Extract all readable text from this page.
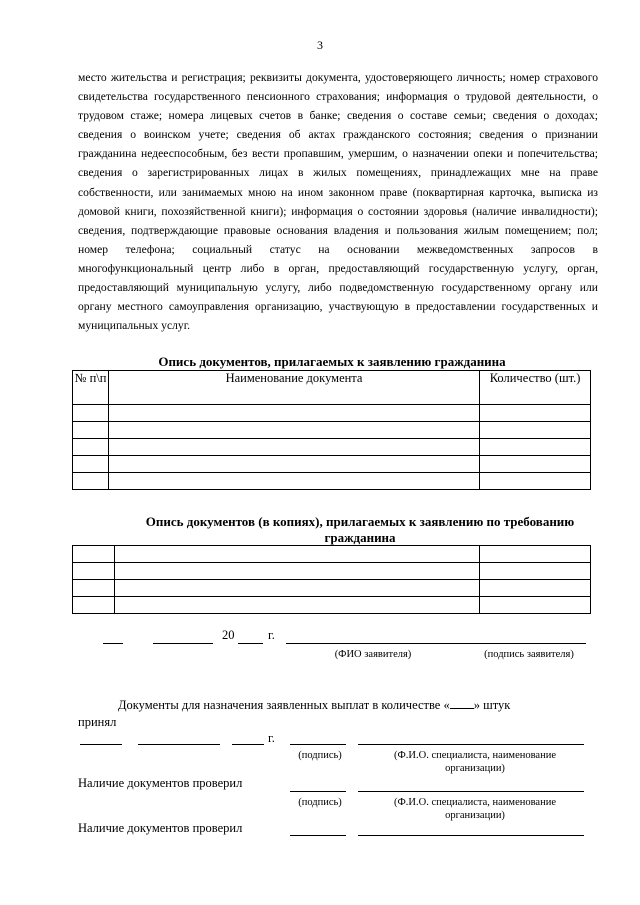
3
место жительства и регистрация; реквизиты документа, удостоверяющего личность; номер страхового свидетельства государственного пенсионного страхования; информация о трудовой деятельности, о трудовом стаже; номера лицевых счетов в банке; сведения о составе семьи; сведения о доходах; сведения о воинском учете; сведения об актах гражданского состояния; сведения о признании гражданина недееспособным, без вести пропавшим, умершим, о назначении опеки и попечительства; сведения о зарегистрированных лицах в жилых помещениях, принадлежащих мне на праве собственности, или занимаемых мною на ином законном праве (поквартирная карточка, выписка из домовой книги, похозяйственной книги); информация о состоянии здоровья (наличие инвалидности); сведения, подтверждающие правовые основания владения и пользования жилым помещением; пол; номер телефона; социальный статус на основании межведомственных запросов в многофункциональный центр либо в орган, предоставляющий государственную услугу, орган, предоставляющий муниципальную услугу, либо подведомственную государственному органу или органу местного самоуправления организацию, участвующую в предоставлении государственных и муниципальных услуг.
Опись документов, прилагаемых к заявлению гражданина
№ п\п	Наименование документа	Количество (шт.)

Опись документов (в копиях), прилагаемых к заявлению по требованию гражданина

20	г.
(ФИО заявителя)	(подпись заявителя)
Документы для назначения заявленных выплат в количестве « » штук
принял
г.
(подпись)	(Ф.И.О. специалиста, наименование организации)
Наличие документов проверил
(подпись)	(Ф.И.О. специалиста, наименование организации)
Наличие документов проверил
